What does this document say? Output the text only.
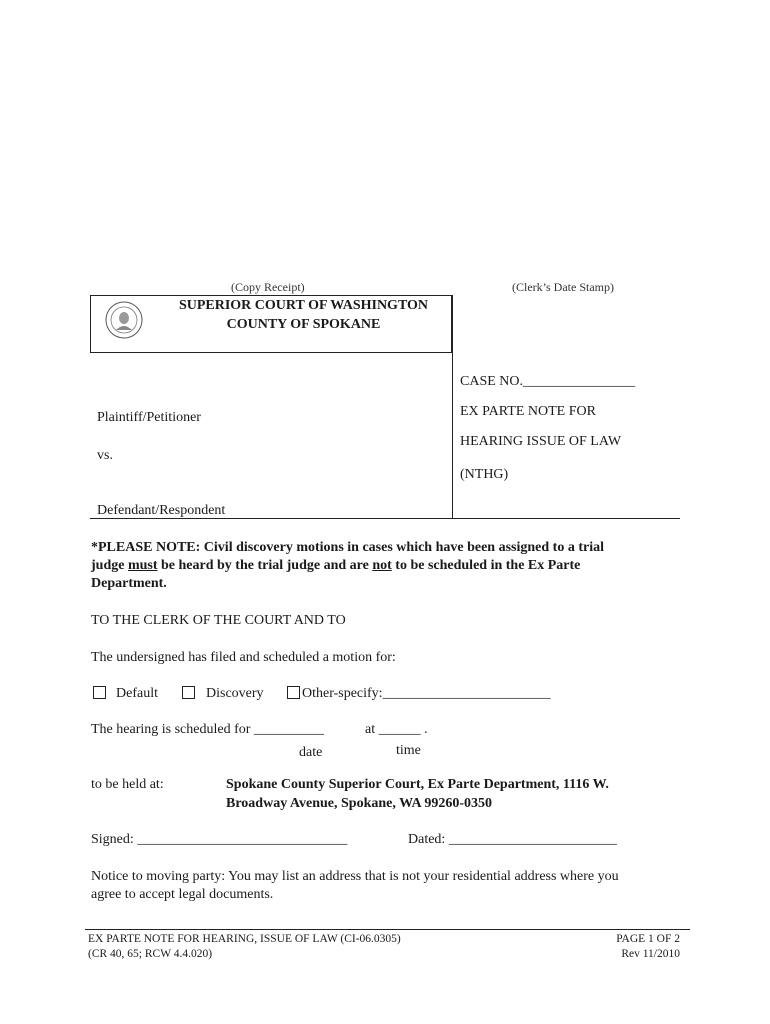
(Copy Receipt)	(Clerk’s Date Stamp)
SUPERIOR COURT OF WASHINGTON
COUNTY OF SPOKANE
CASE NO.________________
EX PARTE NOTE FOR
HEARING ISSUE OF LAW
(NTHG)
Plaintiff/Petitioner
vs.
Defendant/Respondent
*PLEASE NOTE: Civil discovery motions in cases which have been assigned to a trial
judge must be heard by the trial judge and are not to be scheduled in the Ex Parte
Department.
TO THE CLERK OF THE COURT AND TO
The undersigned has filed and scheduled a motion for:
Default	Discovery	Other-specify:________________________
The hearing is scheduled for __________	at ______ .
date	time
to be held at:	Spokane County Superior Court, Ex Parte Department, 1116 W.
Broadway Avenue, Spokane, WA 99260-0350
Signed: ______________________________	Dated: ________________________
Notice to moving party: You may list an address that is not your residential address where you
agree to accept legal documents.
EX PARTE NOTE FOR HEARING, ISSUE OF LAW (CI-06.0305)
(CR 40, 65; RCW 4.4.020)
PAGE 1 OF 2
Rev 11/2010
